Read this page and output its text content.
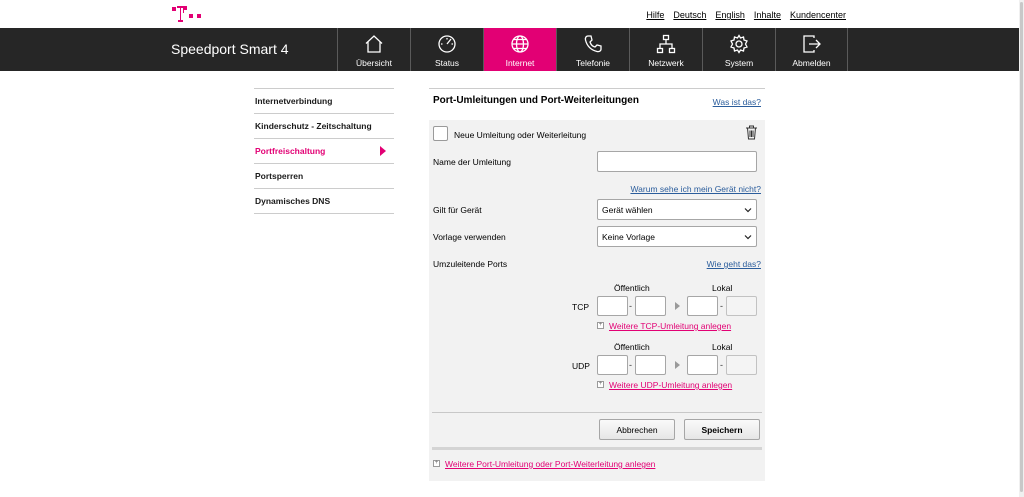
Hilfe Deutsch English Inhalte Kundencenter
Speedport Smart 4
Übersicht	Status	Internet	Telefonie	Netzwerk	System	Abmelden
Internetverbindung
Kinderschutz - Zeitschaltung
Portfreischaltung
Portsperren
Dynamisches DNS
Port-Umleitungen und Port-Weiterleitungen	Was ist das?
Neue Umleitung oder Weiterleitung
Name der Umleitung
Warum sehe ich mein Gerät nicht?
Gilt für Gerät	Gerät wählen
Vorlage verwenden	Keine Vorlage
Umzuleitende Ports	Wie geht das?
Öffentlich	Lokal
TCP	-	-
+ Weitere TCP-Umleitung anlegen
Öffentlich	Lokal
UDP	-	-
+ Weitere UDP-Umleitung anlegen
Abbrechen	Speichern
+ Weitere Port-Umleitung oder Port-Weiterleitung anlegen
